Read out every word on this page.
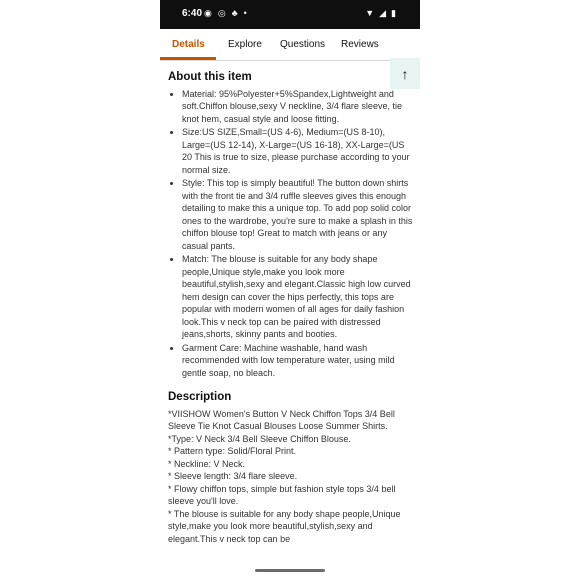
6:40 ◉ ◎ ♣ •	▼ ◢ ▮
Details Explore Questions Reviews
↑
About this item
• Material: 95%Polyester+5%Spandex,Lightweight and soft.Chiffon blouse,sexy V neckline, 3/4 flare sleeve, tie knot hem, casual style and loose fitting.
• Size:US SIZE,Small=(US 4-6), Medium=(US 8-10), Large=(US 12-14), X-Large=(US 16-18), XX-Large=(US 20 This is true to size, please purchase according to your normal size.
• Style: This top is simply beautiful! The button down shirts with the front tie and 3/4 ruffle sleeves gives this enough detailing to make this a unique top. To add pop solid color ones to the wardrobe, you're sure to make a splash in this chiffon blouse top! Great to match with jeans or any casual pants.
• Match: The blouse is suitable for any body shape people,Unique style,make you look more beautiful,stylish,sexy and elegant.Classic high low curved hem design can cover the hips perfectly, this tops are popular with modern women of all ages for daily fashion look.This v neck top can be paired with distressed jeans,shorts, skinny pants and booties.
• Garment Care: Machine washable, hand wash recommended with low temperature water, using mild gentle soap, no bleach.
Description

*VIISHOW Women's Button V Neck Chiffon Tops 3/4 Bell Sleeve Tie Knot Casual Blouses Loose Summer Shirts.

*Type: V Neck 3/4 Bell Sleeve Chiffon Blouse.

* Pattern type: Solid/Floral Print.

* Neckline: V Neck.

* Sleeve length: 3/4 flare sleeve.

* Flowy chiffon tops, simple but fashion style tops 3/4 bell sleeve you'll love.

* The blouse is suitable for any body shape people,Unique style,make you look more beautiful,stylish,sexy and elegant.This v neck top can be
